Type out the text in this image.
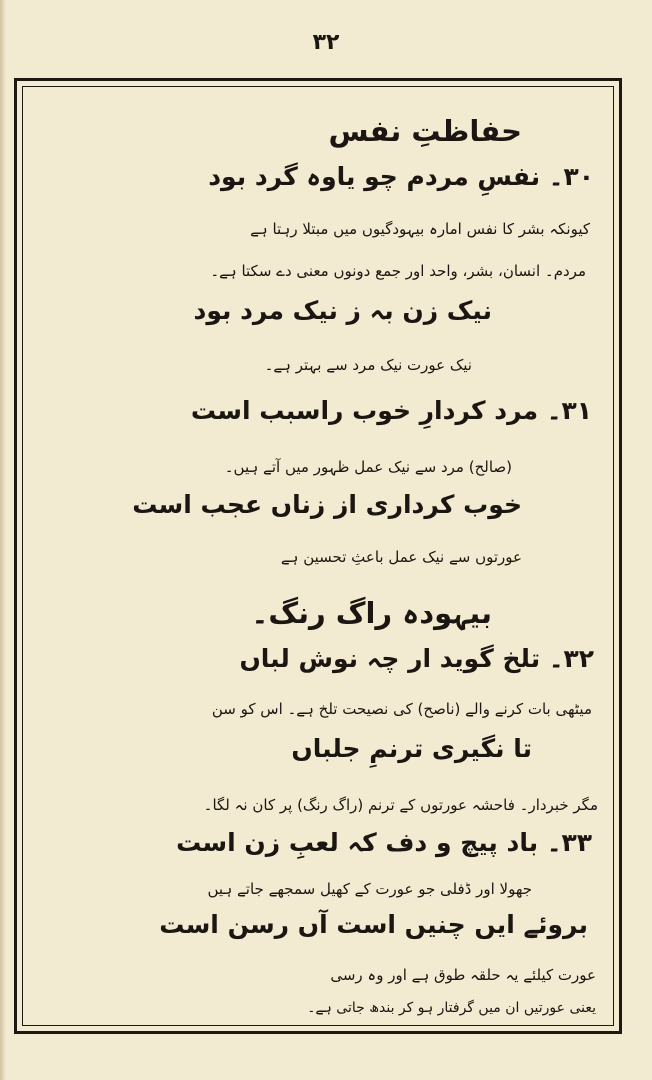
۳۲
حفاظتِ نفس
۳۰۔ نفسِ مردم چو یاوہ گرد بود
کیونکہ بشر کا نفس امارہ بیہودگیوں میں مبتلا رہتا ہے
مردم۔ انسان، بشر، واحد اور جمع دونوں معنی دے سکتا ہے۔
نیک زن بہ ز نیک مرد بود
نیک عورت نیک مرد سے بہتر ہے۔
۳۱۔ مرد کردارِ خوب راسبب است
(صالح) مرد سے نیک عمل ظہور میں آتے ہیں۔
خوب کرداری از زناں عجب است
عورتوں سے نیک عمل باعثِ تحسین ہے
بیہودہ راگ رنگ۔
۳۲۔ تلخ گوید ار چہ نوش لباں
میٹھی بات کرنے والے (ناصح) کی نصیحت تلخ ہے۔ اس کو سن
تا نگیری ترنمِ جلباں
مگر خبردار۔ فاحشہ عورتوں کے ترنم (راگ رنگ) پر کان نہ لگا۔
۳۳۔ باد پیچ و دف کہ لعبِ زن است
جھولا اور ڈفلی جو عورت کے کھیل سمجھے جاتے ہیں
بروئے ایں چنیں است آں رسن است
عورت کیلئے یہ حلقہ طوق ہے اور وہ رسی
یعنی عورتیں ان میں گرفتار ہو کر بندھ جاتی ہے۔
